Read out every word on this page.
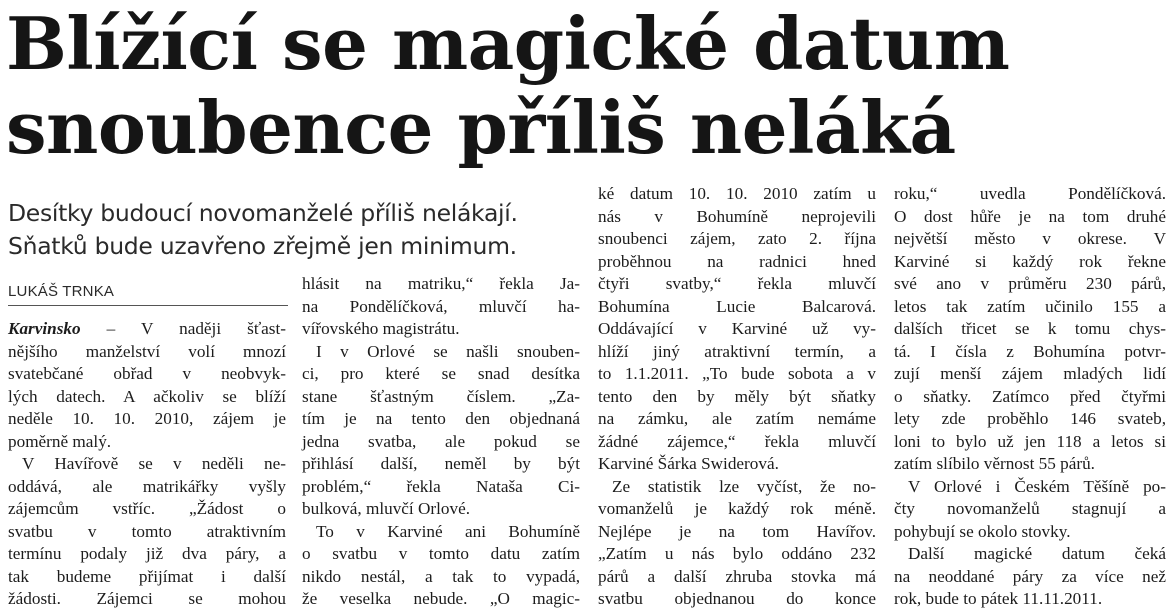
Blížící se magické datum
snoubence příliš neláká
Desítky budoucí novomanželé příliš nelákají.
Sňatků bude uzavřeno zřejmě jen minimum.
LUKÁŠ TRNKA
Karvinsko – V naději šťast-
nějšího manželství volí mnozí
svatebčané obřad v neobvyk-
lých datech. A ačkoliv se blíží
neděle 10. 10. 2010, zájem je
poměrně malý.
V Havířově se v neděli ne-
oddává, ale matrikářky vyšly
zájemcům vstříc. „Žádost o
svatbu v tomto atraktivním
termínu podaly již dva páry, a
tak budeme přijímat i další
žádosti. Zájemci se mohou
hlásit na matriku,“ řekla Ja-
na Pondělíčková, mluvčí ha-
vířovského magistrátu.
I v Orlové se našli snouben-
ci, pro které se snad desítka
stane šťastným číslem. „Za-
tím je na tento den objednaná
jedna svatba, ale pokud se
přihlásí další, neměl by být
problém,“ řekla Nataša Ci-
bulková, mluvčí Orlové.
To v Karviné ani Bohumíně
o svatbu v tomto datu zatím
nikdo nestál, a tak to vypadá,
že veselka nebude. „O magic-
ké datum 10. 10. 2010 zatím u
nás v Bohumíně neprojevili
snoubenci zájem, zato 2. října
proběhnou na radnici hned
čtyři svatby,“ řekla mluvčí
Bohumína Lucie Balcarová.
Oddávající v Karviné už vy-
hlíží jiný atraktivní termín, a
to 1.1.2011. „To bude sobota a v
tento den by měly být sňatky
na zámku, ale zatím nemáme
žádné zájemce,“ řekla mluvčí
Karviné Šárka Swiderová.
Ze statistik lze vyčíst, že no-
vomanželů je každý rok méně.
Nejlépe je na tom Havířov.
„Zatím u nás bylo oddáno 232
párů a další zhruba stovka má
svatbu objednanou do konce
roku,“ uvedla Pondělíčková.
O dost hůře je na tom druhé
největší město v okrese. V
Karviné si každý rok řekne
své ano v průměru 230 párů,
letos tak zatím učinilo 155 a
dalších třicet se k tomu chys-
tá. I čísla z Bohumína potvr-
zují menší zájem mladých lidí
o sňatky. Zatímco před čtyřmi
lety zde proběhlo 146 svateb,
loni to bylo už jen 118 a letos si
zatím slíbilo věrnost 55 párů.
V Orlové i Českém Těšíně po-
čty novomanželů stagnují a
pohybují se okolo stovky.
Další magické datum čeká
na neoddané páry za více než
rok, bude to pátek 11.11.2011.
